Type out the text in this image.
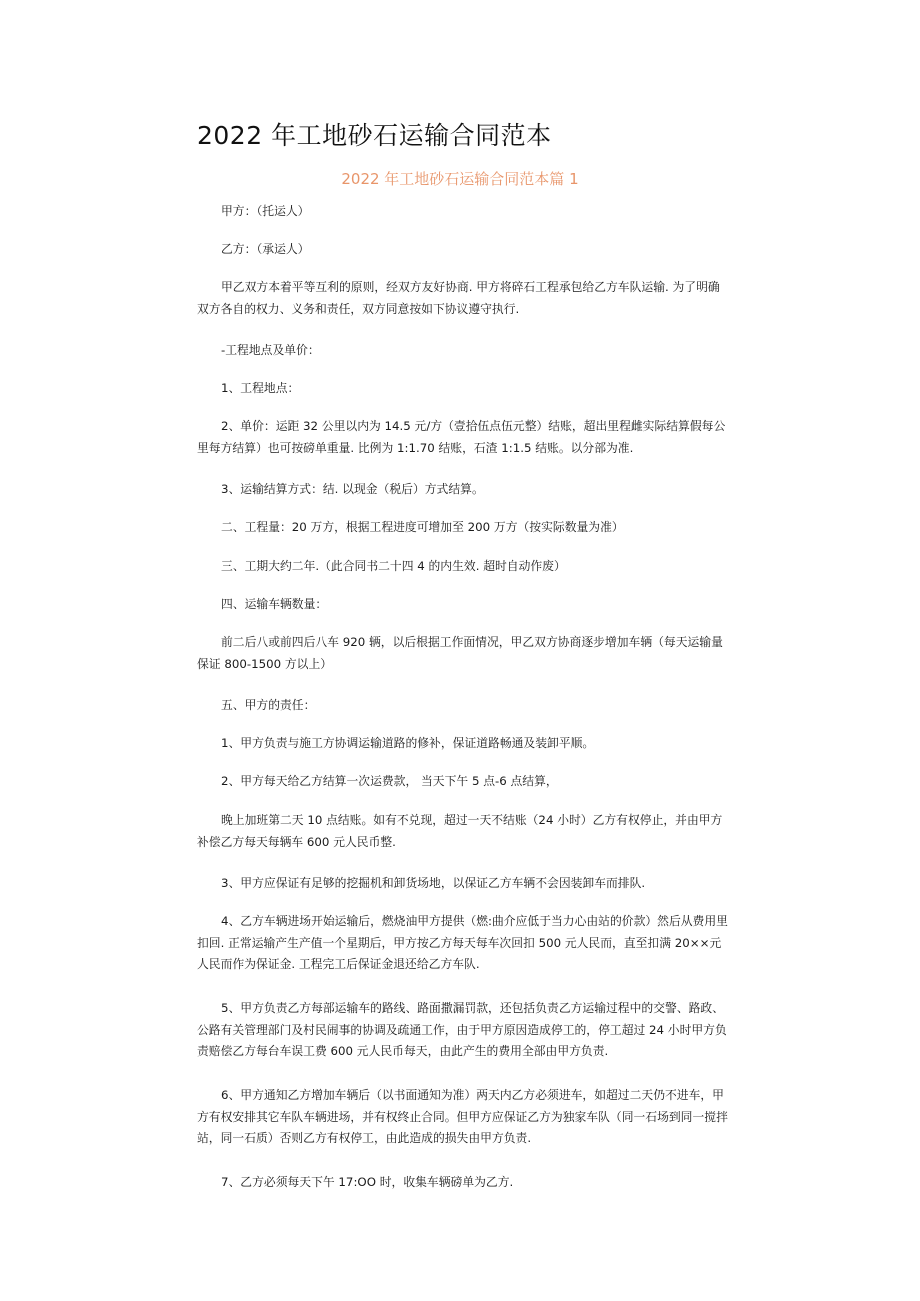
2022 年工地砂石运输合同范本
2022 年工地砂石运输合同范本篇 1

甲方：（托运人）

乙方：（承运人）

甲乙双方本着平等互利的原则，经双方友好协商. 甲方将碎石工程承包给乙方车队运输. 为了明确双方各自的权力、义务和责任，双方同意按如下协议遵守执行.

-工程地点及单价：

1、工程地点：

2、单价：运距 32 公里以内为 14.5 元/方（壹拾伍点伍元整）结账，超出里程雌实际结算假每公里每方结算）也可按磅单重量. 比例为 1:1.70 结账，石渣 1:1.5 结账。以分部为准.

3、运输结算方式：结. 以现金（税后）方式结算。

二、工程量：20 万方，根据工程进度可增加至 200 万方（按实际数量为准）

三、工期大约二年.（此合同书二十四 4 的内生效. 超时自动作废）

四、运输车辆数量：

前二后八或前四后八车 920 辆，以后根据工作面情况，甲乙双方协商逐步增加车辆（每天运输量保证 800-1500 方以上）

五、甲方的责任：

1、甲方负责与施工方协调运输道路的修补，保证道路畅通及装卸平顺。

2、甲方每天给乙方结算一次运费款， 当天下午 5 点-6 点结算，

晚上加班第二天 10 点结账。如有不兑现，超过一天不结账（24 小时）乙方有权停止，并由甲方补偿乙方每天每辆车 600 元人民币整.

3、甲方应保证有足够的挖掘机和卸货场地，以保证乙方车辆不会因装卸车而排队.

4、乙方车辆进场开始运输后，燃烧油甲方提供（燃:曲介应低于当力心由站的价款）然后从费用里扣回. 正常运输产生产值一个星期后，甲方按乙方每天每车次回扣 500 元人民而，直至扣满 20××元人民而作为保证金. 工程完工后保证金退还给乙方车队.

5、甲方负责乙方每部运输车的路线、路面撒漏罚款，还包括负责乙方运输过程中的交警、路政、公路有关管理部门及村民闹事的协调及疏通工作，由于甲方原因造成停工的，停工超过 24 小时甲方负责赔偿乙方每台车误工费 600 元人民币每天，由此产生的费用全部由甲方负责.

6、甲方通知乙方增加车辆后（以书面通知为准）两天内乙方必须进车，如超过二天仍不进车，甲方有权安排其它车队车辆进场，并有权终止合同。但甲方应保证乙方为独家车队（同一石场到同一搅拌站，同一石质）否则乙方有权停工，由此造成的损失由甲方负责.

7、乙方必须每天下午 17:OO 时，收集车辆磅单为乙方.
